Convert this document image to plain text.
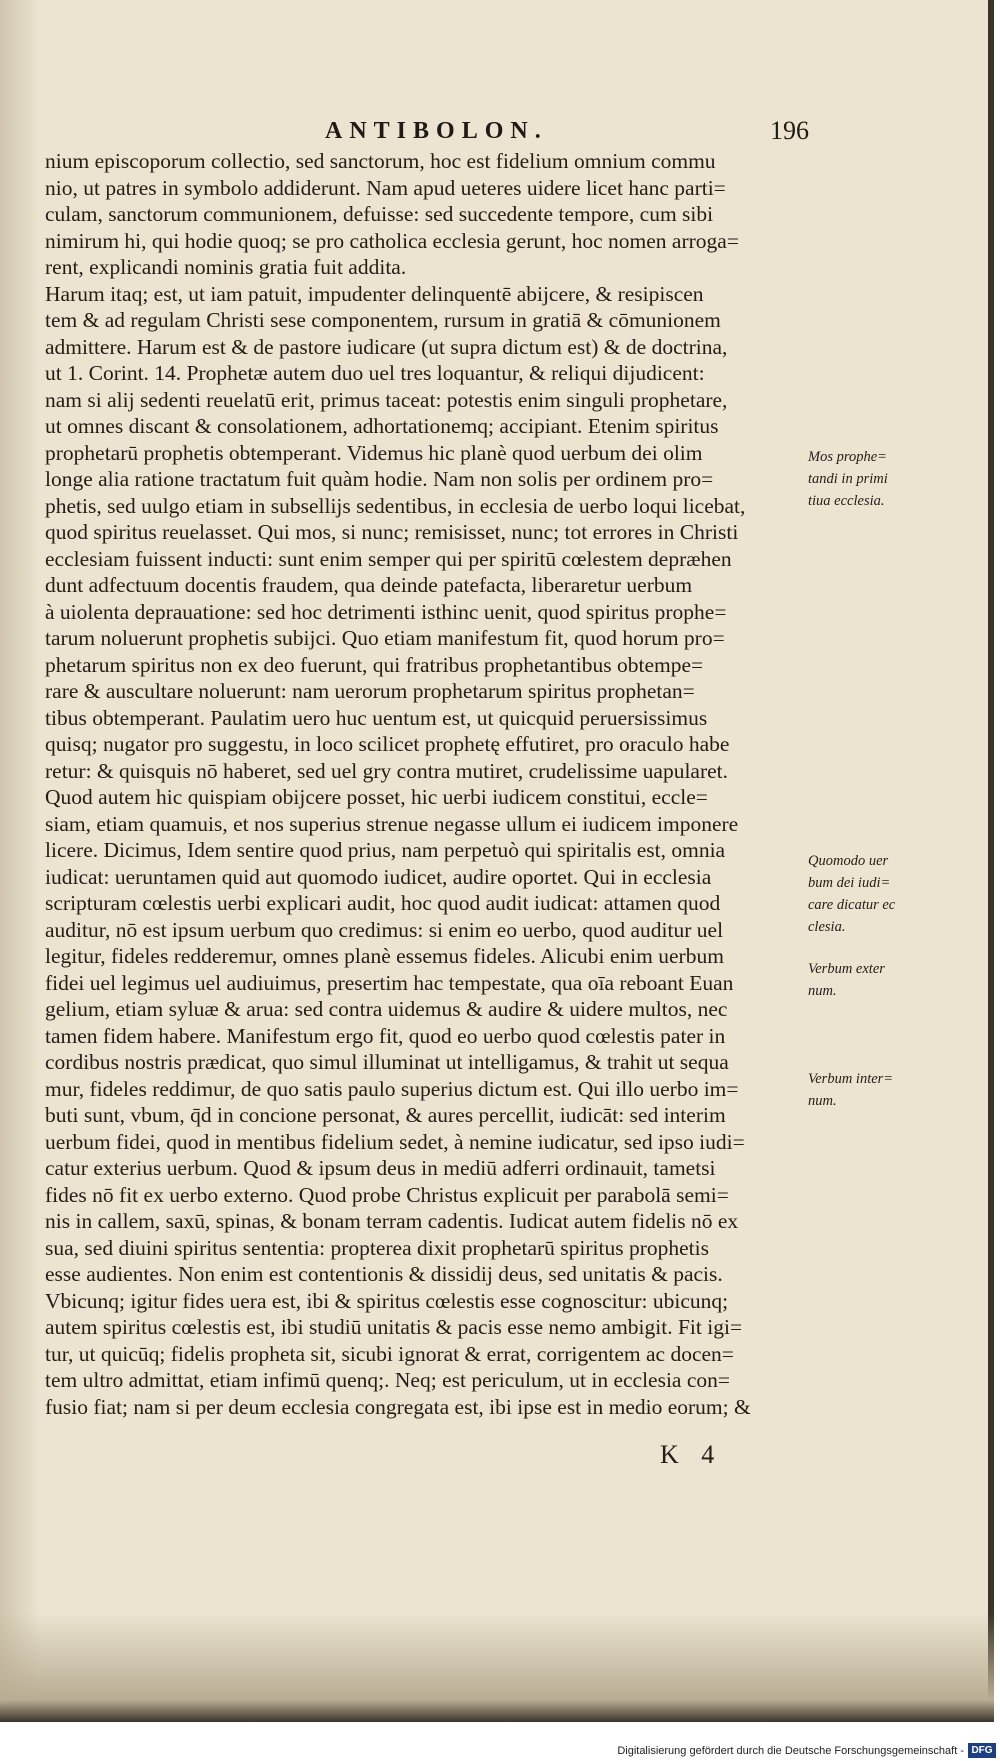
ANTIBOLON.	196
nium episcoporum collectio, sed sanctorum, hoc est fidelium omnium commu
nio, ut patres in symbolo addiderunt. Nam apud ueteres uidere licet hanc parti=
culam, sanctorum communionem, defuisse: sed succedente tempore, cum sibi
nimirum hi, qui hodie quoq; se pro catholica ecclesia gerunt, hoc nomen arroga=
rent, explicandi nominis gratia fuit addita.
Harum itaq; est, ut iam patuit, impudenter delinquentē abijcere, & resipiscen
tem & ad regulam Christi sese componentem, rursum in gratiā & cōmunionem
admittere. Harum est & de pastore iudicare (ut supra dictum est) & de doctrina,
ut 1. Corint. 14. Prophetæ autem duo uel tres loquantur, & reliqui dijudicent:
nam si alij sedenti reuelatū erit, primus taceat: potestis enim singuli prophetare,
ut omnes discant & consolationem, adhortationemq; accipiant. Etenim spiritus
prophetarū prophetis obtemperant. Videmus hic planè quod uerbum dei olim
longe alia ratione tractatum fuit quàm hodie. Nam non solis per ordinem pro=
phetis, sed uulgo etiam in subsellijs sedentibus, in ecclesia de uerbo loqui licebat,
quod spiritus reuelasset. Qui mos, si nunc; remisisset, nunc; tot errores in Christi
ecclesiam fuissent inducti: sunt enim semper qui per spiritū cœlestem depræhen
dunt adfectuum docentis fraudem, qua deinde patefacta, liberaretur uerbum
à uiolenta deprauatione: sed hoc detrimenti isthinc uenit, quod spiritus prophe=
tarum noluerunt prophetis subijci. Quo etiam manifestum fit, quod horum pro=
phetarum spiritus non ex deo fuerunt, qui fratribus prophetantibus obtempe=
rare & auscultare noluerunt: nam uerorum prophetarum spiritus prophetan=
tibus obtemperant. Paulatim uero huc uentum est, ut quicquid peruersissimus
quisq; nugator pro suggestu, in loco scilicet prophetę effutiret, pro oraculo habe
retur: & quisquis nō haberet, sed uel gry contra mutiret, crudelissime uapularet.
Quod autem hic quispiam obijcere posset, hic uerbi iudicem constitui, eccle=
siam, etiam quamuis, et nos superius strenue negasse ullum ei iudicem imponere
licere. Dicimus, Idem sentire quod prius, nam perpetuò qui spiritalis est, omnia
iudicat: ueruntamen quid aut quomodo iudicet, audire oportet. Qui in ecclesia
scripturam cœlestis uerbi explicari audit, hoc quod audit iudicat: attamen quod
auditur, nō est ipsum uerbum quo credimus: si enim eo uerbo, quod auditur uel
legitur, fideles redderemur, omnes planè essemus fideles. Alicubi enim uerbum
fidei uel legimus uel audiuimus, presertim hac tempestate, qua oīa reboant Euan
gelium, etiam syluæ & arua: sed contra uidemus & audire & uidere multos, nec
tamen fidem habere. Manifestum ergo fit, quod eo uerbo quod cœlestis pater in
cordibus nostris prædicat, quo simul illuminat ut intelligamus, & trahit ut sequa
mur, fideles reddimur, de quo satis paulo superius dictum est. Qui illo uerbo im=
buti sunt, vbum, q̄d in concione personat, & aures percellit, iudicāt: sed interim
uerbum fidei, quod in mentibus fidelium sedet, à nemine iudicatur, sed ipso iudi=
catur exterius uerbum. Quod & ipsum deus in mediū adferri ordinauit, tametsi
fides nō fit ex uerbo externo. Quod probe Christus explicuit per parabolā semi=
nis in callem, saxū, spinas, & bonam terram cadentis. Iudicat autem fidelis nō ex
sua, sed diuini spiritus sententia: propterea dixit prophetarū spiritus prophetis
esse audientes. Non enim est contentionis & dissidij deus, sed unitatis & pacis.
Vbicunq; igitur fides uera est, ibi & spiritus cœlestis esse cognoscitur: ubicunq;
autem spiritus cœlestis est, ibi studiū unitatis & pacis esse nemo ambigit. Fit igi=
tur, ut quicūq; fidelis propheta sit, sicubi ignorat & errat, corrigentem ac docen=
tem ultro admittat, etiam infimū quenq;. Neq; est periculum, ut in ecclesia con=
fusio fiat; nam si per deum ecclesia congregata est, ibi ipse est in medio eorum; &
Mos prophe= tandi in primi tiua ecclesia.
Quomodo uer bum dei iudi= care dicatur ec clesia.
Verbum exter num.
Verbum inter= num.
K 4
Digitalisierung gefördert durch die Deutsche Forschungsgemeinschaft - DFG
